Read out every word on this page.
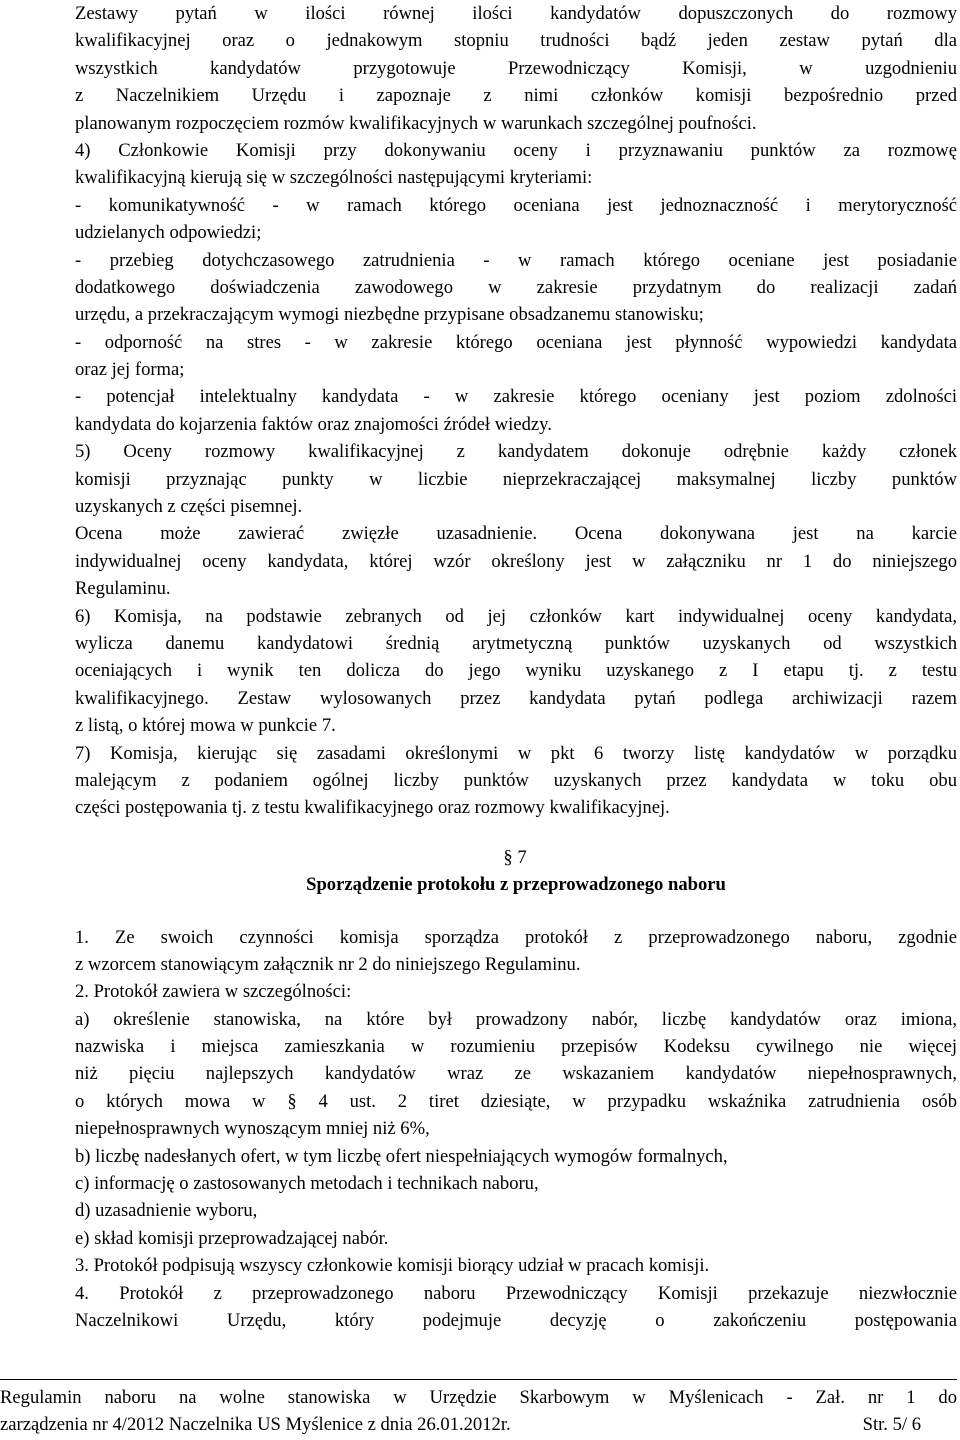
Zestawy pytań w ilości równej ilości kandydatów dopuszczonych do rozmowy
kwalifikacyjnej oraz o jednakowym stopniu trudności bądź jeden zestaw pytań dla
wszystkich kandydatów przygotowuje Przewodniczący Komisji, w uzgodnieniu
z Naczelnikiem Urzędu i zapoznaje z nimi członków komisji bezpośrednio przed
planowanym rozpoczęciem rozmów kwalifikacyjnych w warunkach szczególnej poufności.
4) Członkowie Komisji przy dokonywaniu oceny i przyznawaniu punktów za rozmowę
kwalifikacyjną kierują się w szczególności następującymi kryteriami:
- komunikatywność - w ramach którego oceniana jest jednoznaczność i merytoryczność
udzielanych odpowiedzi;
- przebieg dotychczasowego zatrudnienia - w ramach którego oceniane jest posiadanie
dodatkowego doświadczenia zawodowego w zakresie przydatnym do realizacji zadań
urzędu, a przekraczającym wymogi niezbędne przypisane obsadzanemu stanowisku;
- odporność na stres - w zakresie którego oceniana jest płynność wypowiedzi kandydata
oraz jej forma;
- potencjał intelektualny kandydata - w zakresie którego oceniany jest poziom zdolności
kandydata do kojarzenia faktów oraz znajomości źródeł wiedzy.
5) Oceny rozmowy kwalifikacyjnej z kandydatem dokonuje odrębnie każdy członek
komisji przyznając punkty w liczbie nieprzekraczającej maksymalnej liczby punktów
uzyskanych z części pisemnej.
Ocena może zawierać zwięzłe uzasadnienie. Ocena dokonywana jest na karcie
indywidualnej oceny kandydata, której wzór określony jest w załączniku nr 1 do niniejszego
Regulaminu.
6) Komisja, na podstawie zebranych od jej członków kart indywidualnej oceny kandydata,
wylicza danemu kandydatowi średnią arytmetyczną punktów uzyskanych od wszystkich
oceniających i wynik ten dolicza do jego wyniku uzyskanego z I etapu tj. z testu
kwalifikacyjnego. Zestaw wylosowanych przez kandydata pytań podlega archiwizacji razem
z listą, o której mowa w punkcie 7.
7) Komisja, kierując się zasadami określonymi w pkt 6 tworzy listę kandydatów w porządku
malejącym z podaniem ogólnej liczby punktów uzyskanych przez kandydata w toku obu
części postępowania tj. z testu kwalifikacyjnego oraz rozmowy kwalifikacyjnej.
§ 7
Sporządzenie protokołu z przeprowadzonego naboru
1. Ze swoich czynności komisja sporządza protokół z przeprowadzonego naboru, zgodnie
z wzorcem stanowiącym załącznik nr 2 do niniejszego Regulaminu.
2. Protokół zawiera w szczególności:
a) określenie stanowiska, na które był prowadzony nabór, liczbę kandydatów oraz imiona,
nazwiska i miejsca zamieszkania w rozumieniu przepisów Kodeksu cywilnego nie więcej
niż pięciu najlepszych kandydatów wraz ze wskazaniem kandydatów niepełnosprawnych,
o których mowa w § 4 ust. 2 tiret dziesiąte, w przypadku wskaźnika zatrudnienia osób
niepełnosprawnych wynoszącym mniej niż 6%,
b) liczbę nadesłanych ofert, w tym liczbę ofert niespełniających wymogów formalnych,
c) informację o zastosowanych metodach i technikach naboru,
d) uzasadnienie wyboru,
e) skład komisji przeprowadzającej nabór.
3. Protokół podpisują wszyscy członkowie komisji biorący udział w pracach komisji.
4. Protokół z przeprowadzonego naboru Przewodniczący Komisji przekazuje niezwłocznie
Naczelnikowi Urzędu, który podejmuje decyzję o zakończeniu postępowania
Regulamin naboru na wolne stanowiska w Urzędzie Skarbowym w Myślenicach - Zał. nr 1 do
zarządzenia nr 4/2012 Naczelnika US Myślenice z dnia 26.01.2012r.	Str. 5/ 6
